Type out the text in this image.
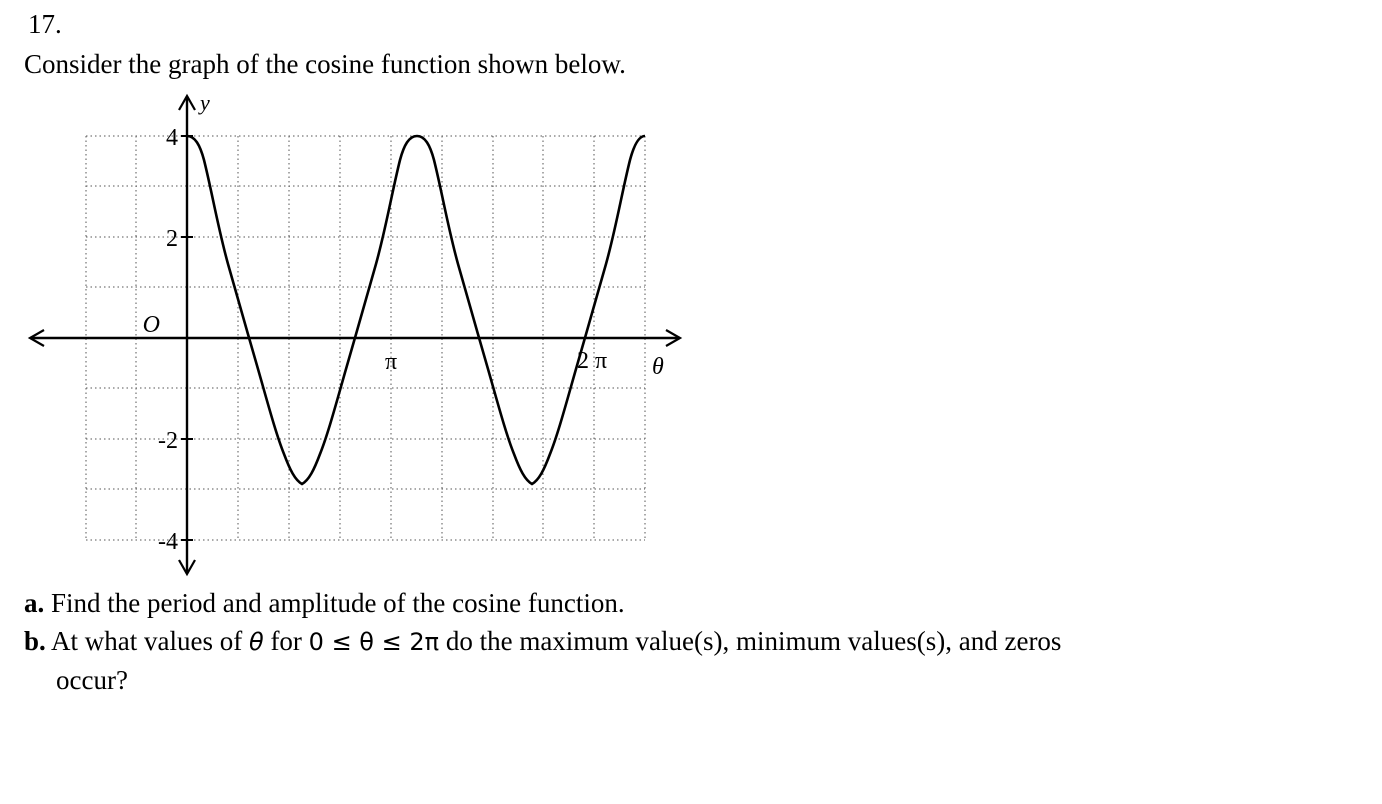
17.
Consider the graph of the cosine function shown below.
y
θ
O
4
2
-2
-4
π	2 π
a. Find the period and amplitude of the cosine function.
b. At what values of θ for 0 ≤ θ ≤ 2π do the maximum value(s), minimum values(s), and zeros
occur?
